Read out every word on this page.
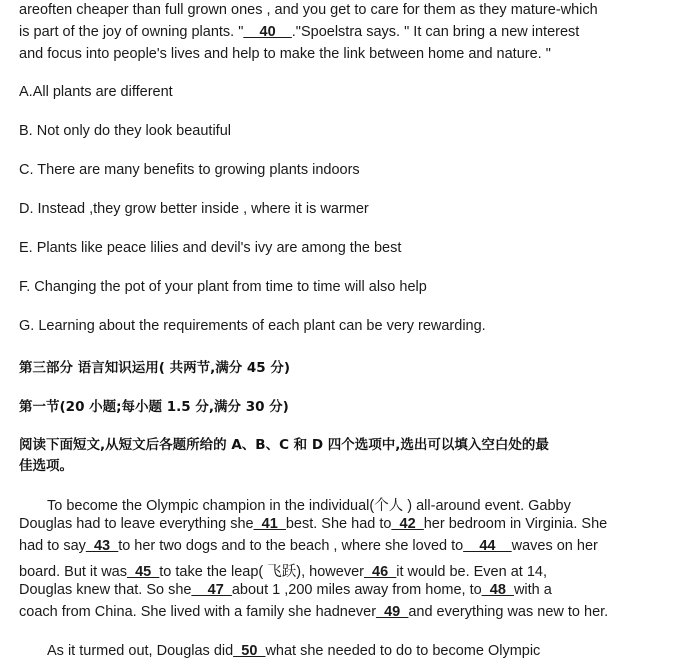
areoften cheaper than full grown ones , and you get to care for them as they mature-which

is part of the joy of owning plants. "__40__."Spoelstra says. " It can bring a new interest

and focus into people's lives and help to make the link between home and nature. "

A.All plants are different

B. Not only do they look beautiful

C. There are many benefits to growing plants indoors

D. Instead ,they grow better inside , where it is warmer

E. Plants like peace lilies and devil's ivy are among the best

F. Changing the pot of your plant from time to time will also help

G. Learning about the requirements of each plant can be very rewarding.

第三部分 语言知识运用( 共两节,满分 45 分)

第一节(20 小题;每小题 1.5 分,满分 30 分)

阅读下面短文,从短文后各题所给的 A、B、C 和 D 四个选项中,选出可以填入空白处的最

佳选项。

To become the Olympic champion in the individual(个人 ) all-around event. Gabby

Douglas had to leave everything she_41_best. She had to_42_her bedroom in Virginia. She

had to say_43_to her two dogs and to the beach , where she loved to__44__waves on her

board. But it was_45_to take the leap( 飞跃), however_46_it would be. Even at 14,

Douglas knew that. So she__47_about 1 ,200 miles away from home, to_48_with a

coach from China. She lived with a family she hadnever_49_and everything was new to her.

As it turmed out, Douglas did_50_what she needed to do to become Olympic
